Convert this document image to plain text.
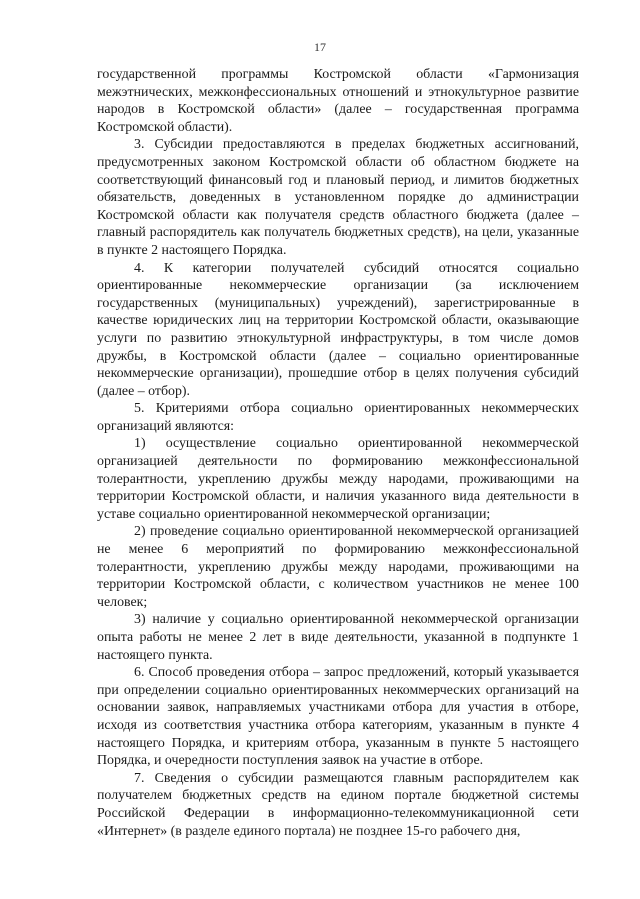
17

государственной программы Костромской области «Гармонизация межэтнических, межконфессиональных отношений и этнокультурное развитие народов в Костромской области» (далее – государственная программа Костромской области).

3. Субсидии предоставляются в пределах бюджетных ассигнований, предусмотренных законом Костромской области об областном бюджете на соответствующий финансовый год и плановый период, и лимитов бюджетных обязательств, доведенных в установленном порядке до администрации Костромской области как получателя средств областного бюджета (далее – главный распорядитель как получатель бюджетных средств), на цели, указанные в пункте 2 настоящего Порядка.

4. К категории получателей субсидий относятся социально ориентированные некоммерческие организации (за исключением государственных (муниципальных) учреждений), зарегистрированные в качестве юридических лиц на территории Костромской области, оказывающие услуги по развитию этнокультурной инфраструктуры, в том числе домов дружбы, в Костромской области (далее – социально ориентированные некоммерческие организации), прошедшие отбор в целях получения субсидий (далее – отбор).

5. Критериями отбора социально ориентированных некоммерческих организаций являются:

1) осуществление социально ориентированной некоммерческой организацией деятельности по формированию межконфессиональной толерантности, укреплению дружбы между народами, проживающими на территории Костромской области, и наличия указанного вида деятельности в уставе социально ориентированной некоммерческой организации;

2) проведение социально ориентированной некоммерческой организацией не менее 6 мероприятий по формированию межконфессиональной толерантности, укреплению дружбы между народами, проживающими на территории Костромской области, с количеством участников не менее 100 человек;

3) наличие у социально ориентированной некоммерческой организации опыта работы не менее 2 лет в виде деятельности, указанной в подпункте 1 настоящего пункта.

6. Способ проведения отбора – запрос предложений, который указывается при определении социально ориентированных некоммерческих организаций на основании заявок, направляемых участниками отбора для участия в отборе, исходя из соответствия участника отбора категориям, указанным в пункте 4 настоящего Порядка, и критериям отбора, указанным в пункте 5 настоящего Порядка, и очередности поступления заявок на участие в отборе.

7. Сведения о субсидии размещаются главным распорядителем как получателем бюджетных средств на едином портале бюджетной системы Российской Федерации в информационно-телекоммуникационной сети «Интернет» (в разделе единого портала) не позднее 15-го рабочего дня,
